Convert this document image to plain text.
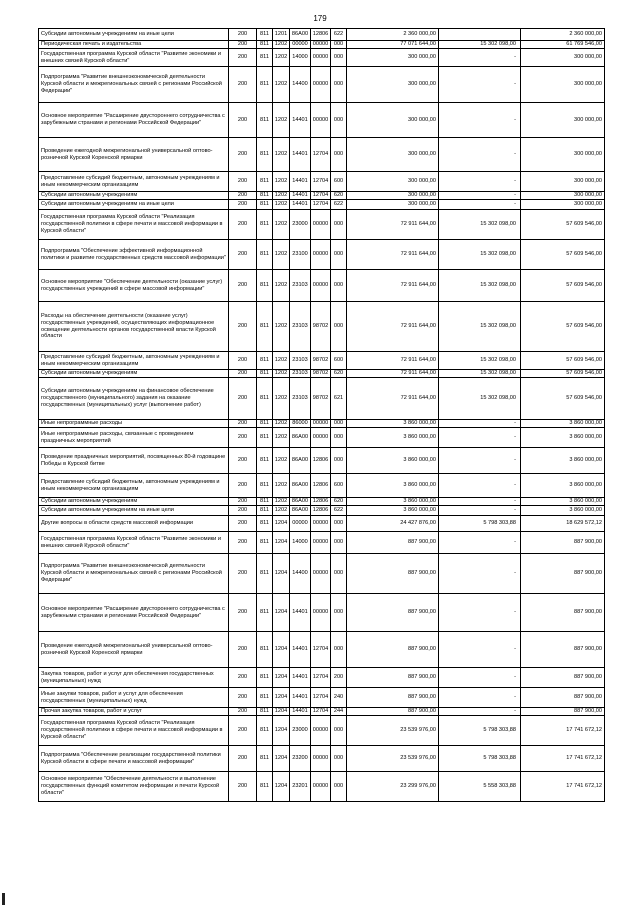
179
Субсидии автономным учреждениям на иные цели	200	811	1201	86А00	12806	622	2 360 000,00		2 360 000,00
Периодическая печать и издательства	200	811	1202	00000	00000	000	77 071 644,00	15 302 098,00	61 769 546,00
Государственная программа Курской области "Развитие экономики и внешних связей Курской области"	200	811	1202	14000	00000	000	300 000,00	-	300 000,00
Подпрограмма "Развитие внешнеэкономической деятельности Курской области и межрегиональных связей с регионами Российской Федерации"	200	811	1202	14400	00000	000	300 000,00	-	300 000,00
Основное мероприятие "Расширение двустороннего сотрудничества с зарубежными странами и регионами Российской Федерации"	200	811	1202	14401	00000	000	300 000,00	-	300 000,00
Проведение ежегодной межрегиональной универсальной оптово-розничной Курской Коренской ярмарки	200	811	1202	14401	12704	000	300 000,00	-	300 000,00
Предоставление субсидий бюджетным, автономным учреждениям и иным некоммерческим организациям	200	811	1202	14401	12704	600	300 000,00	-	300 000,00
Субсидии автономным учреждениям	200	811	1202	14401	12704	620	300 000,00	-	300 000,00
Субсидии автономным учреждениям на иные цели	200	811	1202	14401	12704	622	300 000,00	-	300 000,00
Государственная программа Курской области "Реализация государственной политики в сфере печати и массовой информации в Курской области"	200	811	1202	23000	00000	000	72 911 644,00	15 302 098,00	57 609 546,00
Подпрограмма "Обеспечение эффективной информационной политики и развитие государственных средств массовой информации"	200	811	1202	23100	00000	000	72 911 644,00	15 302 098,00	57 609 546,00
Основное мероприятие "Обеспечение деятельности (оказание услуг) государственных учреждений в сфере массовой информации"	200	811	1202	23103	00000	000	72 911 644,00	15 302 098,00	57 609 546,00
Расходы на обеспечение деятельности (оказание услуг) государственных учреждений, осуществляющих информационное освещение деятельности органов государственной власти Курской области	200	811	1202	23103	98702	000	72 911 644,00	15 302 098,00	57 609 546,00
Предоставление субсидий бюджетным, автономным учреждениям и иным некоммерческим организациям	200	811	1202	23103	98702	600	72 911 644,00	15 302 098,00	57 609 546,00
Субсидии автономным учреждениям	200	811	1202	23103	98702	620	72 911 644,00	15 302 098,00	57 609 546,00
Субсидии автономным учреждениям на финансовое обеспечение государственного (муниципального) задания на оказание государственных (муниципальных) услуг (выполнение работ)	200	811	1202	23103	98702	621	72 911 644,00	15 302 098,00	57 609 546,00
Иные непрограммные расходы	200	811	1202	86000	00000	000	3 860 000,00	-	3 860 000,00
Иные непрограммные расходы, связанные с проведением праздничных мероприятий	200	811	1202	86А00	00000	000	3 860 000,00	-	3 860 000,00
Проведение праздничных мероприятий, посвященных 80-й годовщине Победы в Курской битве	200	811	1202	86А00	12806	000	3 860 000,00	-	3 860 000,00
Предоставление субсидий бюджетным, автономным учреждениям и иным некоммерческим организациям	200	811	1202	86А00	12806	600	3 860 000,00	-	3 860 000,00
Субсидии автономным учреждениям	200	811	1202	86А00	12806	620	3 860 000,00	-	3 860 000,00
Субсидии автономным учреждениям на иные цели	200	811	1202	86А00	12806	622	3 860 000,00	-	3 860 000,00
Другие вопросы в области средств массовой информации	200	811	1204	00000	00000	000	24 427 876,00	5 798 303,88	18 629 572,12
Государственная программа Курской области "Развитие экономики и внешних связей Курской области"	200	811	1204	14000	00000	000	887 900,00	-	887 900,00
Подпрограмма "Развитие внешнеэкономической деятельности Курской области и межрегиональных связей с регионами Российской Федерации"	200	811	1204	14400	00000	000	887 900,00	-	887 900,00
Основное мероприятие "Расширение двустороннего сотрудничества с зарубежными странами и регионами Российской Федерации"	200	811	1204	14401	00000	000	887 900,00	-	887 900,00
Проведение ежегодной межрегиональной универсальной оптово-розничной Курской Коренской ярмарки	200	811	1204	14401	12704	000	887 900,00	-	887 900,00
Закупка товаров, работ и услуг для обеспечения государственных (муниципальных) нужд	200	811	1204	14401	12704	200	887 900,00	-	887 900,00
Иные закупки товаров, работ и услуг для обеспечения государственных (муниципальных) нужд	200	811	1204	14401	12704	240	887 900,00	-	887 900,00
Прочая закупка товаров, работ и услуг	200	811	1204	14401	12704	244	887 900,00	-	887 900,00
Государственная программа Курской области "Реализация государственной политики в сфере печати и массовой информации в Курской области"	200	811	1204	23000	00000	000	23 539 976,00	5 798 303,88	17 741 672,12
Подпрограмма "Обеспечение реализации государственной политики Курской области в сфере печати и массовой информации"	200	811	1204	23200	00000	000	23 539 976,00	5 798 303,88	17 741 672,12
Основное мероприятие "Обеспечение деятельности и выполнение государственных функций комитетом информации и печати Курской области"	200	811	1204	23201	00000	000	23 299 976,00	5 558 303,88	17 741 672,12
